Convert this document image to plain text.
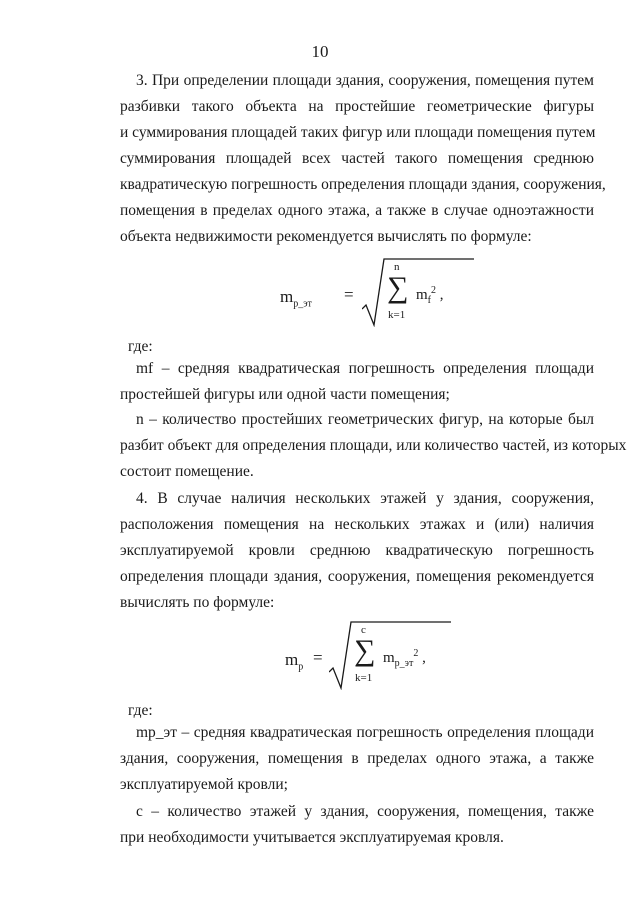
10
3. При определении площади здания, сооружения, помещения путем
разбивки такого объекта на простейшие геометрические фигуры
и суммирования площадей таких фигур или площади помещения путем
суммирования площадей всех частей такого помещения среднюю
квадратическую погрешность определения площади здания, сооружения,
помещения в пределах одного этажа, а также в случае одноэтажности
объекта недвижимости рекомендуется вычислять по формуле:
$m_{р\_эт}$ =
n
∑
k=1
$m_f^2$ ,
где:
mf – средняя квадратическая погрешность определения площади
простейшей фигуры или одной части помещения;
n – количество простейших геометрических фигур, на которые был
разбит объект для определения площади, или количество частей, из которых
состоит помещение.
4. В случае наличия нескольких этажей у здания, сооружения,
расположения помещения на нескольких этажах и (или) наличия
эксплуатируемой кровли среднюю квадратическую погрешность
определения площади здания, сооружения, помещения рекомендуется
вычислять по формуле:
$m_р$ =
c
∑
k=1
$m_{р\_эт}^2$ ,
где:
mр_эт – средняя квадратическая погрешность определения площади
здания, сооружения, помещения в пределах одного этажа, а также
эксплуатируемой кровли;
с – количество этажей у здания, сооружения, помещения, также
при необходимости учитывается эксплуатируемая кровля.
